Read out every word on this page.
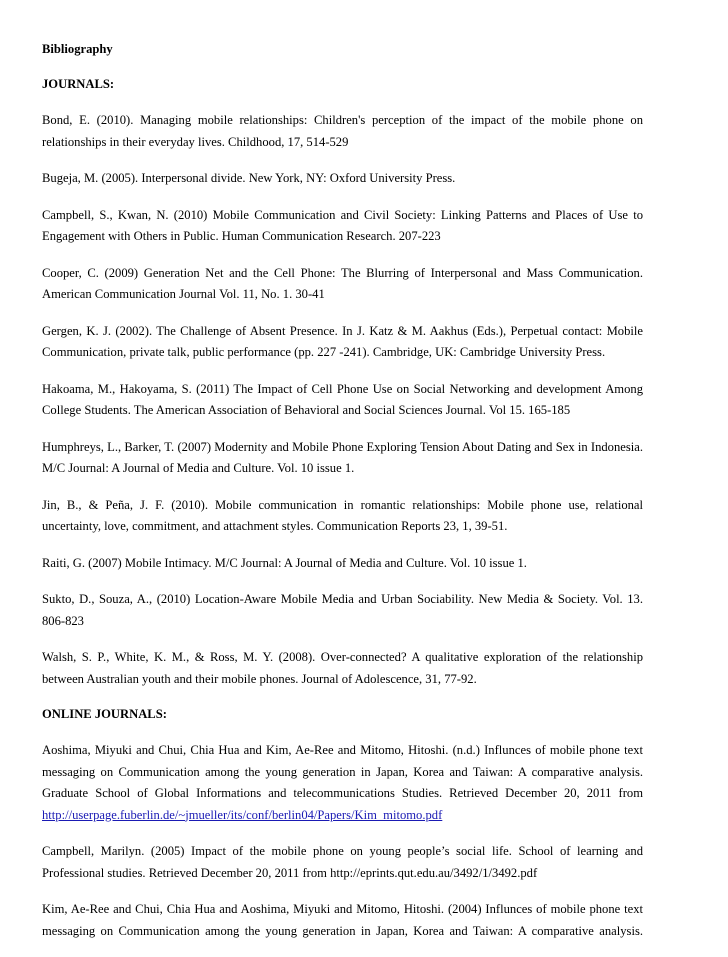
Bibliography
JOURNALS:
Bond, E. (2010). Managing mobile relationships: Children's perception of the impact of the mobile phone on
relationships in their everyday lives. Childhood, 17, 514-529
Bugeja, M. (2005). Interpersonal divide. New York, NY: Oxford University Press.
Campbell, S., Kwan, N. (2010) Mobile Communication and Civil Society: Linking Patterns and Places of Use to
Engagement with Others in Public. Human Communication Research. 207-223
Cooper, C. (2009) Generation Net and the Cell Phone: The Blurring of Interpersonal and Mass Communication.
American Communication Journal Vol. 11, No. 1. 30-41
Gergen, K. J. (2002). The Challenge of Absent Presence. In J. Katz & M. Aakhus (Eds.), Perpetual contact: Mobile
Communication, private talk, public performance (pp. 227 -241). Cambridge, UK: Cambridge University Press.
Hakoama, M., Hakoyama, S. (2011) The Impact of Cell Phone Use on Social Networking and development Among
College Students. The American Association of Behavioral and Social Sciences Journal. Vol 15. 165-185
Humphreys, L., Barker, T. (2007) Modernity and Mobile Phone Exploring Tension About Dating and Sex in Indonesia.
M/C Journal: A Journal of Media and Culture. Vol. 10 issue 1.
Jin, B., & Peña, J. F. (2010). Mobile communication in romantic relationships: Mobile phone use, relational
uncertainty, love, commitment, and attachment styles. Communication Reports 23, 1, 39-51.
Raiti, G. (2007) Mobile Intimacy. M/C Journal: A Journal of Media and Culture. Vol. 10 issue 1.
Sukto, D., Souza, A., (2010) Location-Aware Mobile Media and Urban Sociability. New Media & Society. Vol. 13.
806-823
Walsh, S. P., White, K. M., & Ross, M. Y. (2008). Over-connected? A qualitative exploration of the relationship
between Australian youth and their mobile phones. Journal of Adolescence, 31, 77-92.
ONLINE JOURNALS:
Aoshima, Miyuki and Chui, Chia Hua and Kim, Ae-Ree and Mitomo, Hitoshi. (n.d.) Influnces of mobile phone text
messaging on Communication among the young generation in Japan, Korea and Taiwan: A comparative analysis.
Graduate School of Global Informations and telecommunications Studies. Retrieved December 20, 2011 from
http://userpage.fuberlin.de/~jmueller/its/conf/berlin04/Papers/Kim_mitomo.pdf
Campbell, Marilyn. (2005) Impact of the mobile phone on young people’s social life. School of learning and
Professional studies. Retrieved December 20, 2011 from http://eprints.qut.edu.au/3492/1/3492.pdf
Kim, Ae-Ree and Chui, Chia Hua and Aoshima, Miyuki and Mitomo, Hitoshi. (2004) Influnces of mobile phone text
messaging on Communication among the young generation in Japan, Korea and Taiwan: A comparative analysis.
